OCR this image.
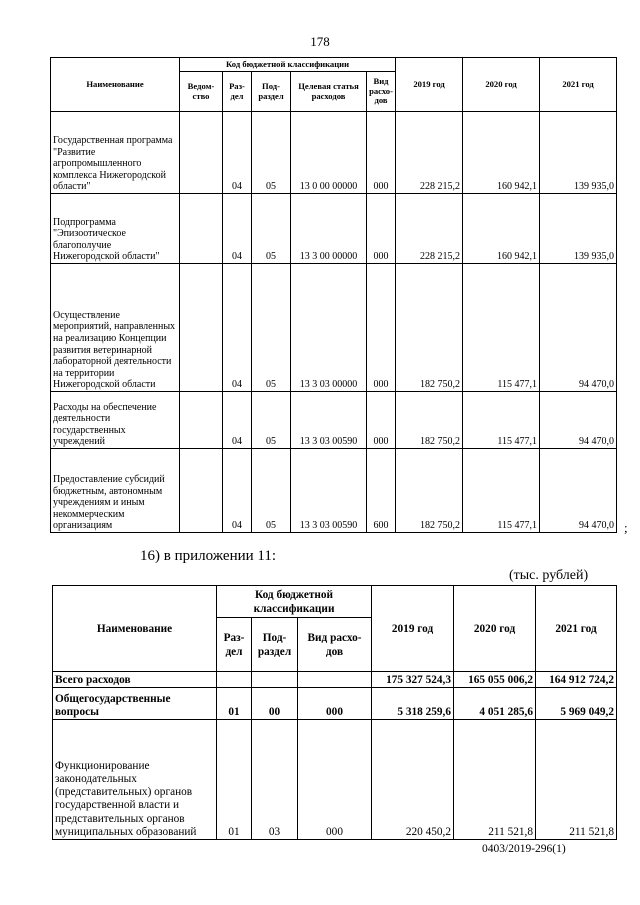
178
Наименование	Код бюджетной классификации					2019 год	2020 год	2021 год
	Ведом- ство	Раз- дел	Под- раздел	Целевая статья расходов	Вид расхо- дов			
Государственная программа "Развитие агропромышленного комплекса Нижегородской области"		04	05	13 0 00 00000	000	228 215,2	160 942,1	139 935,0
Подпрограмма "Эпизоотическое благополучие Нижегородской области"		04	05	13 3 00 00000	000	228 215,2	160 942,1	139 935,0
Осуществление мероприятий, направленных на реализацию Концепции развития ветеринарной лабораторной деятельности на территории Нижегородской области		04	05	13 3 03 00000	000	182 750,2	115 477,1	94 470,0
Расходы на обеспечение деятельности государственных учреждений		04	05	13 3 03 00590	000	182 750,2	115 477,1	94 470,0
Предоставление субсидий бюджетным, автономным учреждениям и иным некоммерческим организациям		04	05	13 3 03 00590	600	182 750,2	115 477,1	94 470,0 ;
16) в приложении 11:
(тыс. рублей)
Наименование	Код бюджетной классификации			2019 год	2020 год	2021 год
	Раз- дел	Под- раздел	Вид расхо- дов			
Всего расходов				175 327 524,3	165 055 006,2	164 912 724,2
Общегосударственные вопросы	01	00	000	5 318 259,6	4 051 285,6	5 969 049,2
Функционирование законодательных (представительных) органов государственной власти и представительных органов муниципальных образований	01	03	000	220 450,2	211 521,8	211 521,8
0403/2019-296(1)
